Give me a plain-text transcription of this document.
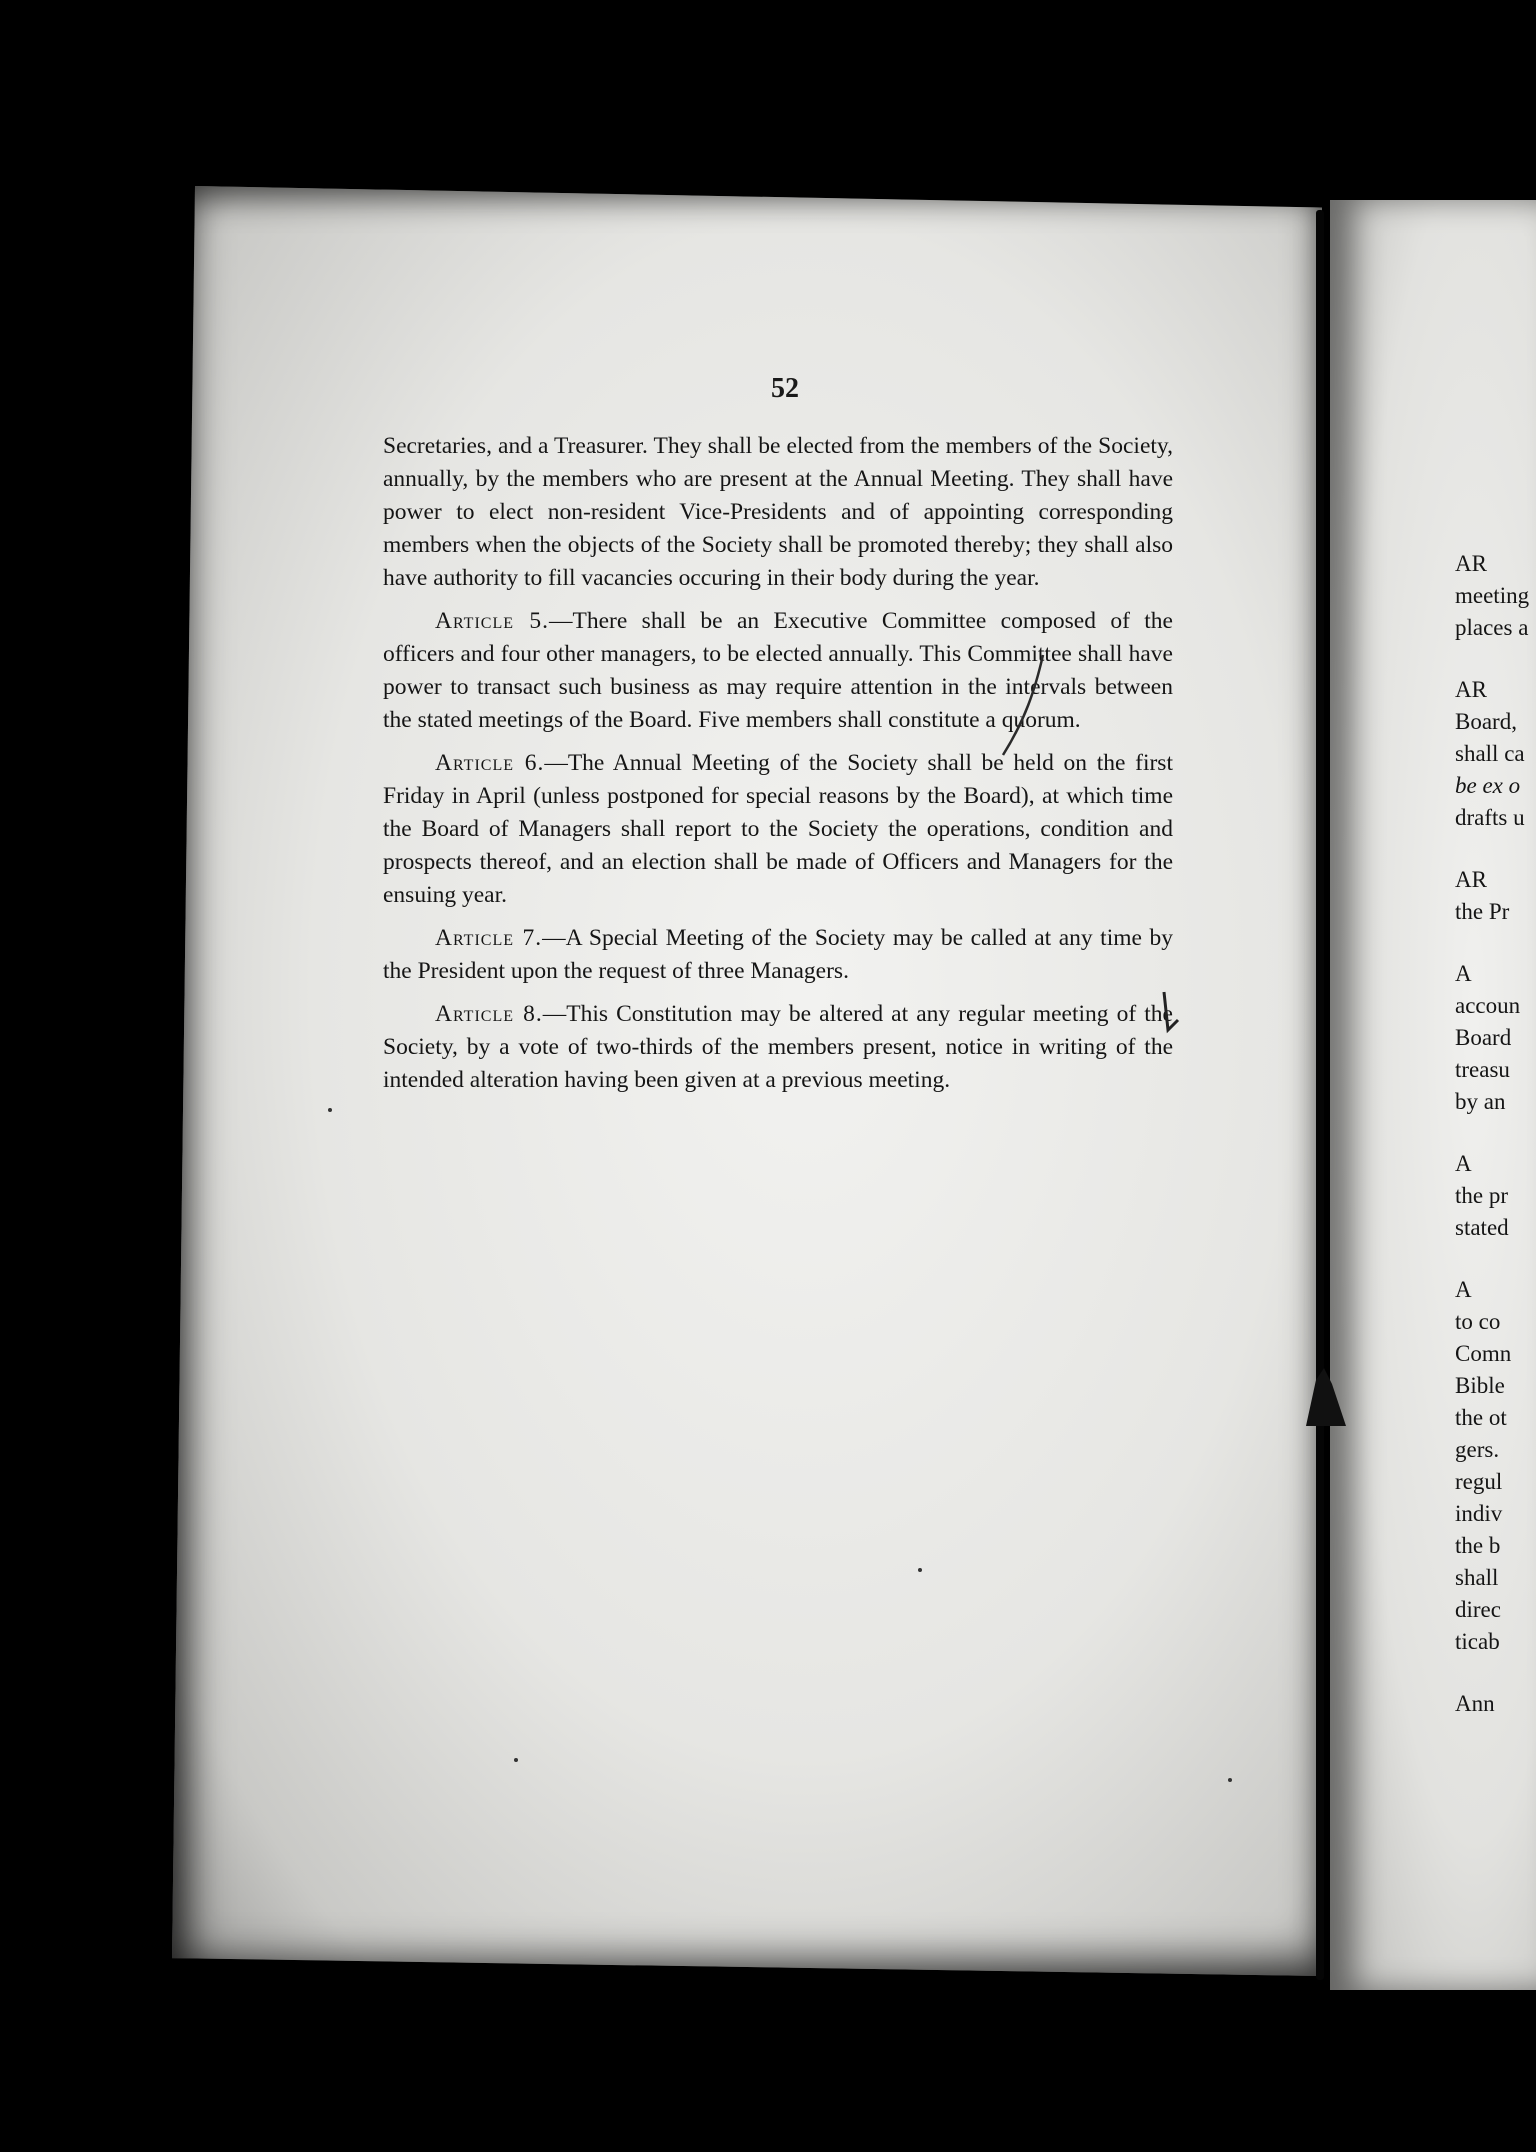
52

Secretaries, and a Treasurer. They shall be elected from the members of the Society, annually, by the members who are present at the Annual Meeting. They shall have power to elect non-resident Vice-Presidents and of appointing corresponding members when the objects of the Society shall be promoted thereby; they shall also have authority to fill vacancies occuring in their body during the year.

Article 5.—There shall be an Executive Committee composed of the officers and four other managers, to be elected annually. This Committee shall have power to transact such business as may require attention in the intervals between the stated meetings of the Board. Five members shall constitute a quorum.

Article 6.—The Annual Meeting of the Society shall be held on the first Friday in April (unless postponed for special reasons by the Board), at which time the Board of Managers shall report to the Society the operations, condition and prospects thereof, and an election shall be made of Officers and Managers for the ensuing year.

Article 7.—A Special Meeting of the Society may be called at any time by the President upon the request of three Managers.

Article 8.—This Constitution may be altered at any regular meeting of the Society, by a vote of two-thirds of the members present, notice in writing of the intended alteration having been given at a previous meeting.

AR
meeting
places a
AR
Board,
shall ca
be ex o
drafts u
AR
the Pr
A
accoun
Board
treasu
by an
A
the pr
stated
A
to co
Comn
Bible
the ot
gers.
regul
indiv
the b
shall
direc
ticab
Ann
